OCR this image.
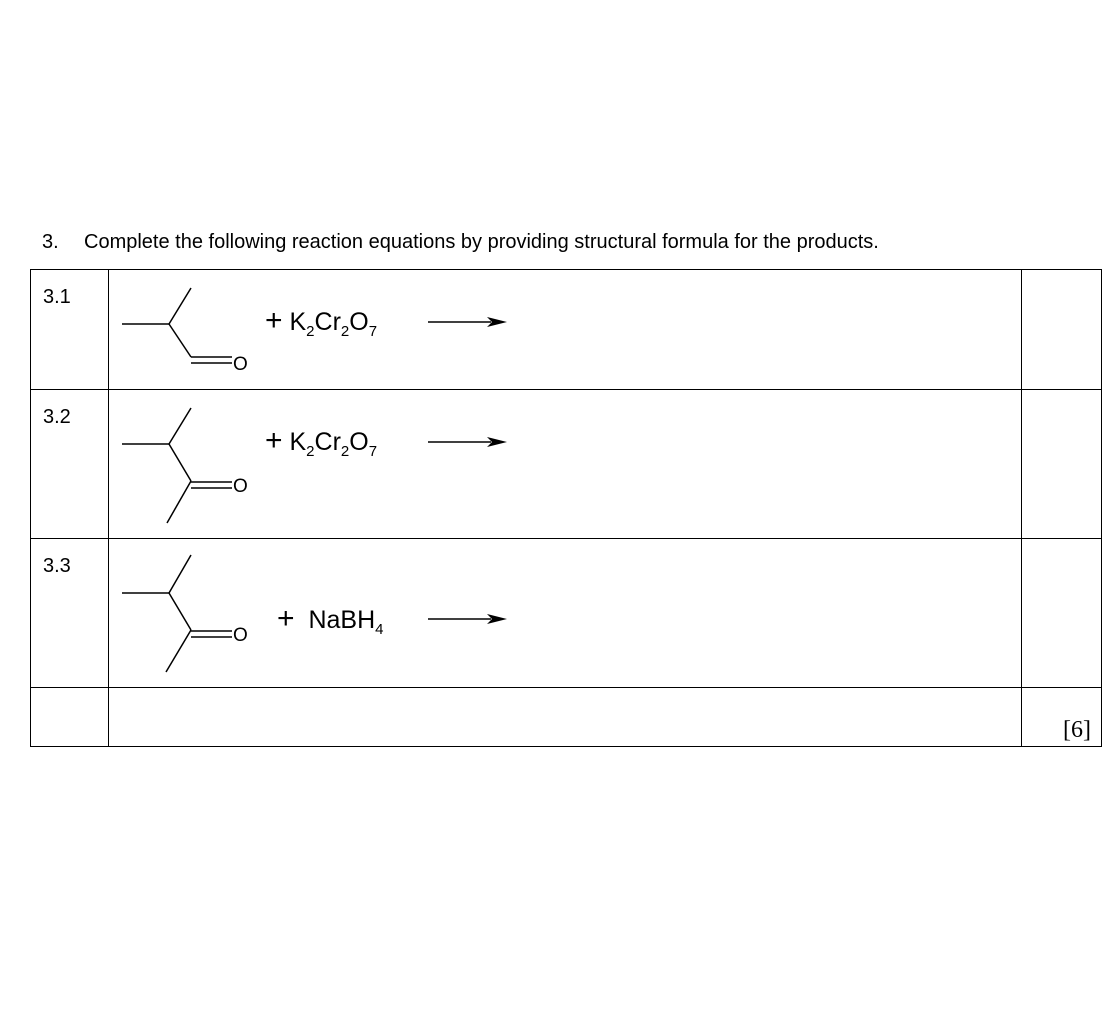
3. Complete the following reaction equations by providing structural formula for the products.
3.1	O
+ $K_2Cr_2O_7$

3.2	O
+ $K_2Cr_2O_7$

3.3	O
+ NaBH$_4$

		[6]
